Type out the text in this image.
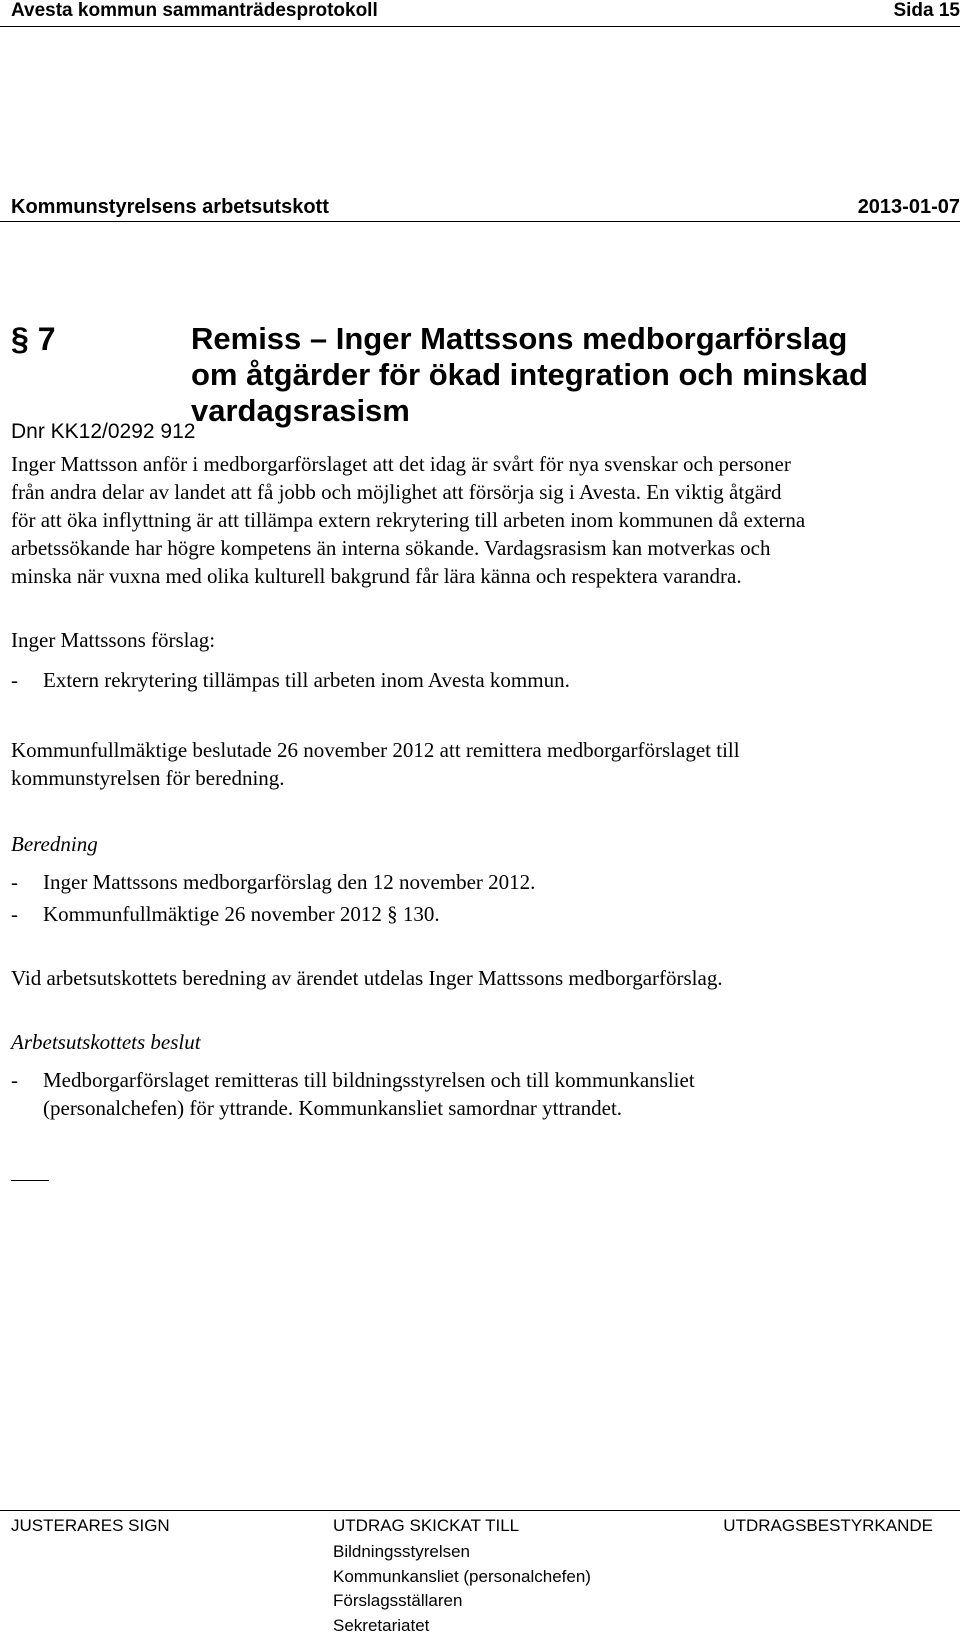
Avesta kommun sammanträdesprotokoll	Sida 15
Kommunstyrelsens arbetsutskott	2013-01-07
§ 7	Remiss – Inger Mattssons medborgarförslag
om åtgärder för ökad integration och minskad
vardagsrasism
Dnr KK12/0292 912
Inger Mattsson anför i medborgarförslaget att det idag är svårt för nya svenskar och personer
från andra delar av landet att få jobb och möjlighet att försörja sig i Avesta. En viktig åtgärd
för att öka inflyttning är att tillämpa extern rekrytering till arbeten inom kommunen då externa
arbetssökande har högre kompetens än interna sökande. Vardagsrasism kan motverkas och
minska när vuxna med olika kulturell bakgrund får lära känna och respektera varandra.
Inger Mattssons förslag:
- Extern rekrytering tillämpas till arbeten inom Avesta kommun.
Kommunfullmäktige beslutade 26 november 2012 att remittera medborgarförslaget till
kommunstyrelsen för beredning.
Beredning
- Inger Mattssons medborgarförslag den 12 november 2012.
- Kommunfullmäktige 26 november 2012 § 130.
Vid arbetsutskottets beredning av ärendet utdelas Inger Mattssons medborgarförslag.
Arbetsutskottets beslut
- Medborgarförslaget remitteras till bildningsstyrelsen och till kommunkansliet
(personalchefen) för yttrande. Kommunkansliet samordnar yttrandet.
JUSTERARES SIGN	UTDRAG SKICKAT TILL	UTDRAGSBESTYRKANDE
Bildningsstyrelsen
Kommunkansliet (personalchefen)
Förslagsställaren
Sekretariatet
